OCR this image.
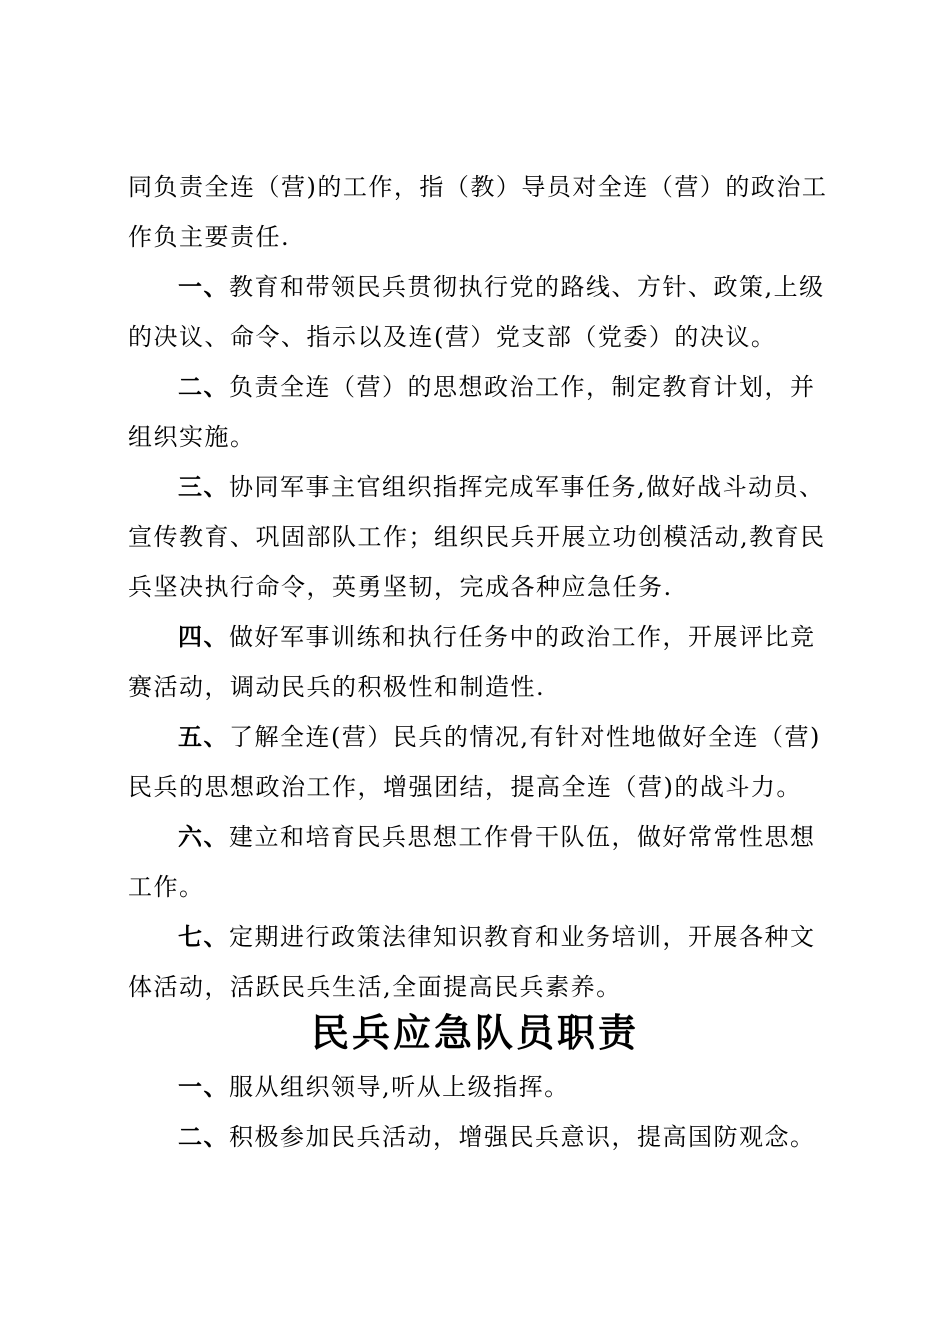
同负责全连（营)的工作，指（教）导员对全连（营）的政治工
作负主要责任.
一、教育和带领民兵贯彻执行党的路线、方针、政策,上级
的决议、命令、指示以及连(营）党支部（党委）的决议。
二、负责全连（营）的思想政治工作，制定教育计划，并
组织实施。
三、协同军事主官组织指挥完成军事任务,做好战斗动员、
宣传教育、巩固部队工作；组织民兵开展立功创模活动,教育民
兵坚决执行命令，英勇坚韧，完成各种应急任务.
四、做好军事训练和执行任务中的政治工作，开展评比竞
赛活动，调动民兵的积极性和制造性.
五、了解全连(营）民兵的情况,有针对性地做好全连（营)
民兵的思想政治工作，增强团结，提高全连（营)的战斗力。
六、建立和培育民兵思想工作骨干队伍，做好常常性思想
工作。
七、定期进行政策法律知识教育和业务培训，开展各种文
体活动，活跃民兵生活,全面提高民兵素养。
民兵应急队员职责
一、服从组织领导,听从上级指挥。
二、积极参加民兵活动，增强民兵意识，提高国防观念。
